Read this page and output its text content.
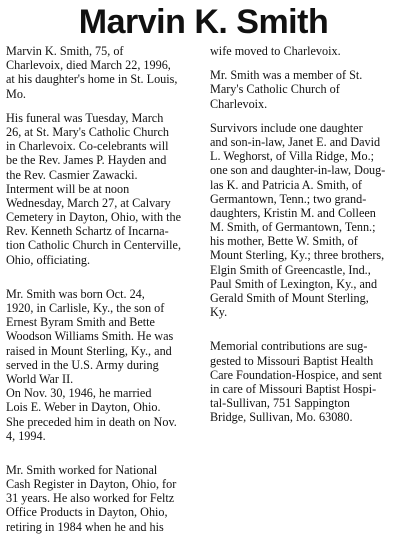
Marvin K. Smith
Marvin K. Smith, 75, of
Charlevoix, died March 22, 1996,
at his daughter's home in St. Louis,
Mo.
His funeral was Tuesday, March
26, at St. Mary's Catholic Church
in Charlevoix. Co-celebrants will
be the Rev. James P. Hayden and
the Rev. Casmier Zawacki.
Interment will be at noon
Wednesday, March 27, at Calvary
Cemetery in Dayton, Ohio, with the
Rev. Kenneth Schartz of Incarna-
tion Catholic Church in Centerville,
Ohio, officiating.
Mr. Smith was born Oct. 24,
1920, in Carlisle, Ky., the son of
Ernest Byram Smith and Bette
Woodson Williams Smith. He was
raised in Mount Sterling, Ky., and
served in the U.S. Army during
World War II.
On Nov. 30, 1946, he married
Lois E. Weber in Dayton, Ohio.
She preceded him in death on Nov.
4, 1994.
Mr. Smith worked for National
Cash Register in Dayton, Ohio, for
31 years. He also worked for Feltz
Office Products in Dayton, Ohio,
retiring in 1984 when he and his
wife moved to Charlevoix.
Mr. Smith was a member of St.
Mary's Catholic Church of
Charlevoix.
Survivors include one daughter
and son-in-law, Janet E. and David
L. Weghorst, of Villa Ridge, Mo.;
one son and daughter-in-law, Doug-
las K. and Patricia A. Smith, of
Germantown, Tenn.; two grand-
daughters, Kristin M. and Colleen
M. Smith, of Germantown, Tenn.;
his mother, Bette W. Smith, of
Mount Sterling, Ky.; three brothers,
Elgin Smith of Greencastle, Ind.,
Paul Smith of Lexington, Ky., and
Gerald Smith of Mount Sterling,
Ky.
Memorial contributions are sug-
gested to Missouri Baptist Health
Care Foundation-Hospice, and sent
in care of Missouri Baptist Hospi-
tal-Sullivan, 751 Sappington
Bridge, Sullivan, Mo. 63080.
